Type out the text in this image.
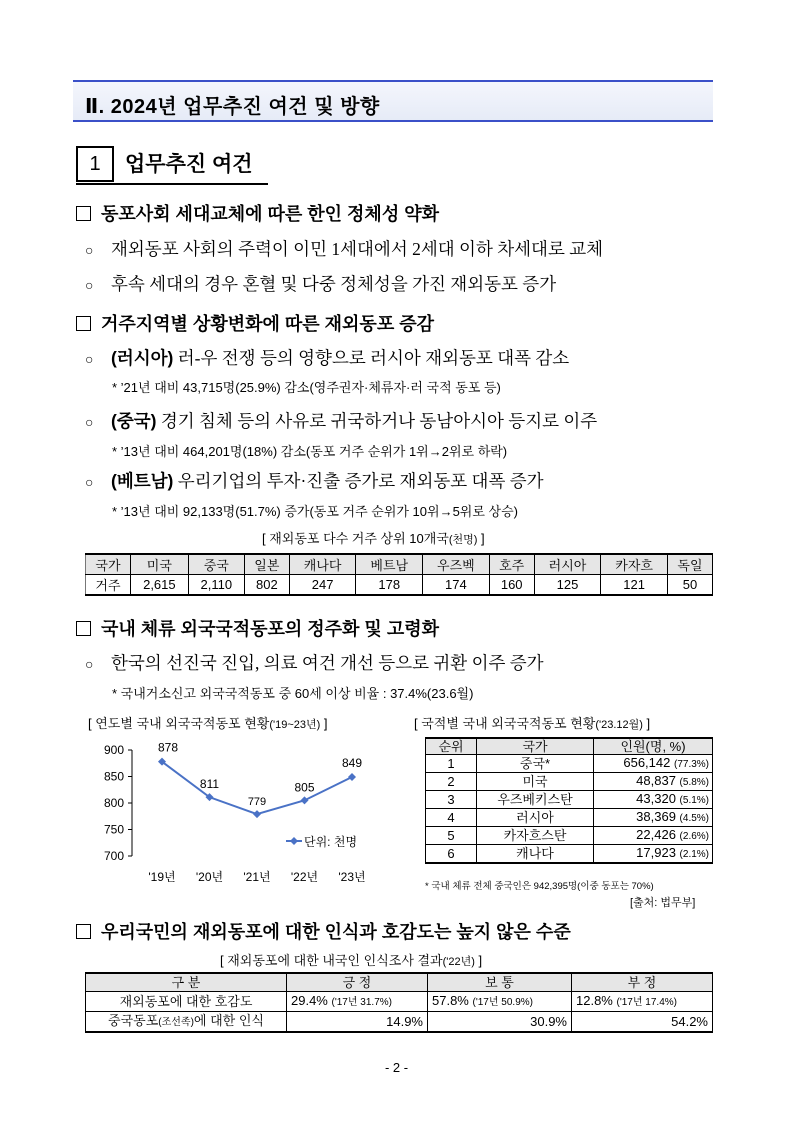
Ⅱ. 2024년 업무추진 여건 및 방향
1	업무추진 여건
동포사회 세대교체에 따른 한인 정체성 약화
○ 재외동포 사회의 주력이 이민 1세대에서 2세대 이하 차세대로 교체
○ 후속 세대의 경우 혼혈 및 다중 정체성을 가진 재외동포 증가
거주지역별 상황변화에 따른 재외동포 증감
○ (러시아) 러-우 전쟁 등의 영향으로 러시아 재외동포 대폭 감소
* ’21년 대비 43,715명(25.9%) 감소(영주권자·체류자·러 국적 동포 등)
○ (중국) 경기 침체 등의 사유로 귀국하거나 동남아시아 등지로 이주
* ’13년 대비 464,201명(18%) 감소(동포 거주 순위가 1위→2위로 하락)
○ (베트남) 우리기업의 투자·진출 증가로 재외동포 대폭 증가
* ’13년 대비 92,133명(51.7%) 증가(동포 거주 순위가 10위→5위로 상승)
[ 재외동포 다수 거주 상위 10개국(천명) ]
국가	미국	중국	일본	캐나다	베트남	우즈벡	호주	러시아	카자흐	독일
거주	2,615	2,110	802	247	178	174	160	125	121	50
국내 체류 외국국적동포의 정주화 및 고령화
○ 한국의 선진국 진입, 의료 여건 개선 등으로 귀환 이주 증가
* 국내거소신고 외국국적동포 중 60세 이상 비율 : 37.4%(23.6월)
[ 연도별 국내 외국국적동포 현황('19~23년) ]
900
850
800
750
700
878
811
779
805
849
'19년 '20년 '21년 '22년 '23년
단위: 천명
[ 국적별 국내 외국국적동포 현황('23.12월) ]
순위	국가	인원(명, %)
1	중국*	656,142 (77.3%)
2	미국	48,837 (5.8%)
3	우즈베키스탄	43,320 (5.1%)
4	러시아	38,369 (4.5%)
5	카자흐스탄	22,426 (2.6%)
6	캐나다	17,923 (2.1%)
* 국내 체류 전체 중국인은 942,395명(이중 동포는 70%)
[출처: 법무부]
우리국민의 재외동포에 대한 인식과 호감도는 높지 않은 수준
[ 재외동포에 대한 내국인 인식조사 결과('22년) ]
구 분	긍 정	보 통	부 정
재외동포에 대한 호감도	29.4% ('17년 31.7%)	57.8% ('17년 50.9%)	12.8% ('17년 17.4%)
중국동포(조선족)에 대한 인식	14.9%	30.9%	54.2%
- 2 -
